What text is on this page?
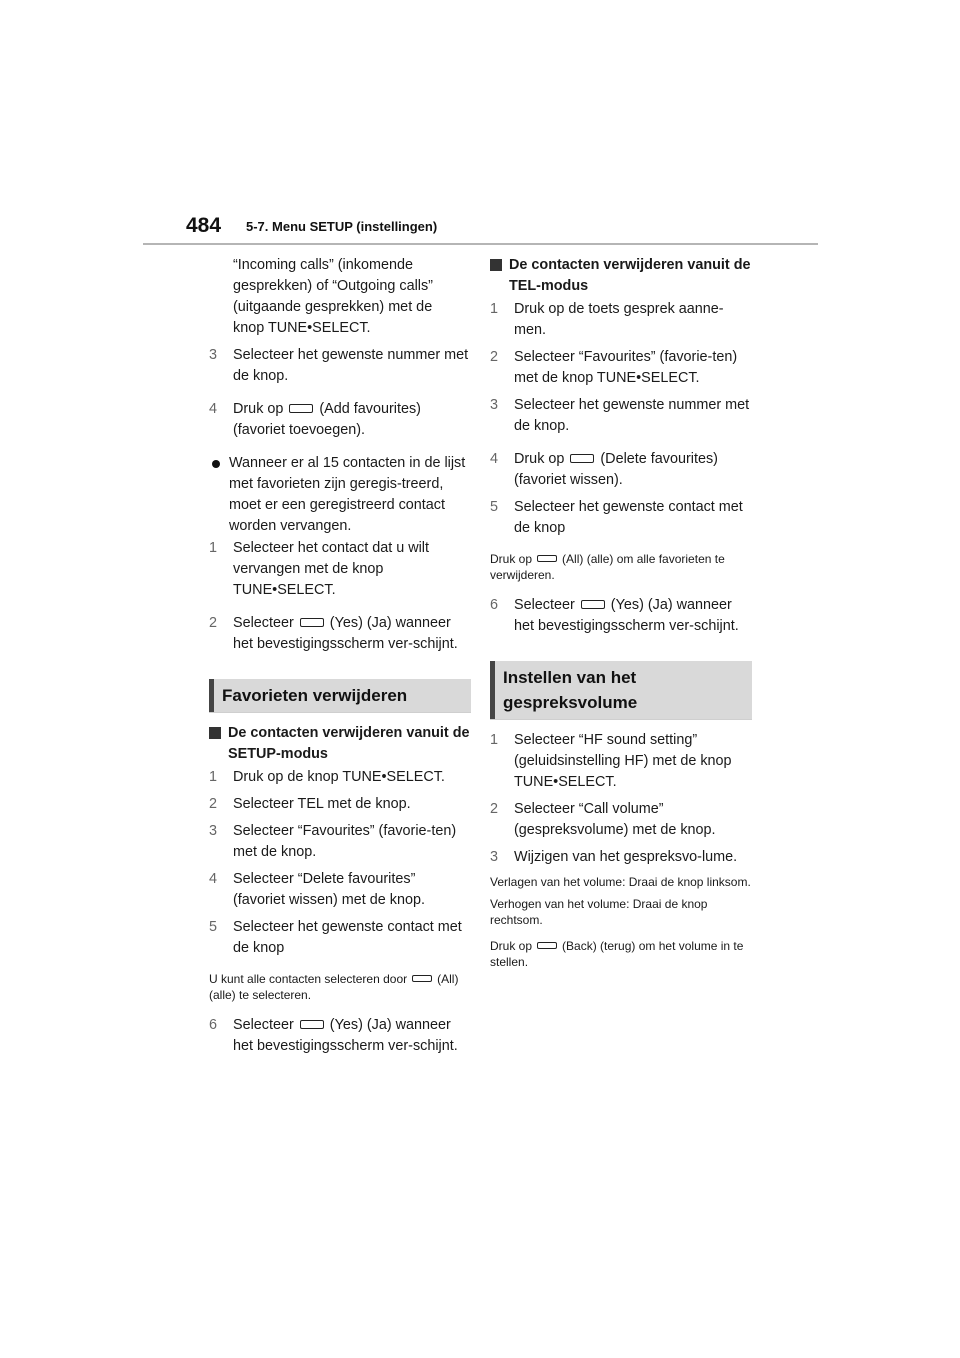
484 5-7. Menu SETUP (instellingen)
“Incoming calls” (inkomende
gesprekken) of “Outgoing calls”
(uitgaande gesprekken) met de
knop TUNE•SELECT.
3 Selecteer het gewenste nummer met de knop.
4 Druk op	(Add favourites) (favoriet toevoegen).
Wanneer er al 15 contacten in de lijst met favorieten zijn geregis-treerd, moet er een geregistreerd contact worden vervangen.
1 Selecteer het contact dat u wilt vervangen met de knop TUNE•SELECT.
2 Selecteer	(Yes) (Ja) wanneer het bevestigingsscherm ver-schijnt.
Favorieten verwijderen
De contacten verwijderen vanuit de SETUP-modus
1 Druk op de knop TUNE•SELECT.
2 Selecteer TEL met de knop.
3 Selecteer “Favourites” (favorie-ten) met de knop.
4 Selecteer “Delete favourites” (favoriet wissen) met de knop.
5 Selecteer het gewenste contact met de knop
U kunt alle contacten selecteren door	(All) (alle) te selecteren.
6 Selecteer	(Yes) (Ja) wanneer het bevestigingsscherm ver-schijnt.
De contacten verwijderen vanuit de TEL-modus
1 Druk op de toets gesprek aanne-men.
2 Selecteer “Favourites” (favorie-ten) met de knop TUNE•SELECT.
3 Selecteer het gewenste nummer met de knop.
4 Druk op	(Delete favourites) (favoriet wissen).
5 Selecteer het gewenste contact met de knop
Druk op	(All) (alle) om alle favorieten te verwijderen.
6 Selecteer	(Yes) (Ja) wanneer het bevestigingsscherm ver-schijnt.
Instellen van het gespreksvolume
1 Selecteer “HF sound setting” (geluidsinstelling HF) met de knop TUNE•SELECT.
2 Selecteer “Call volume” (gespreksvolume) met de knop.
3 Wijzigen van het gespreksvo-lume.
Verlagen van het volume: Draai de knop linksom.
Verhogen van het volume: Draai de knop rechtsom.
Druk op	(Back) (terug) om het volume in te stellen.
